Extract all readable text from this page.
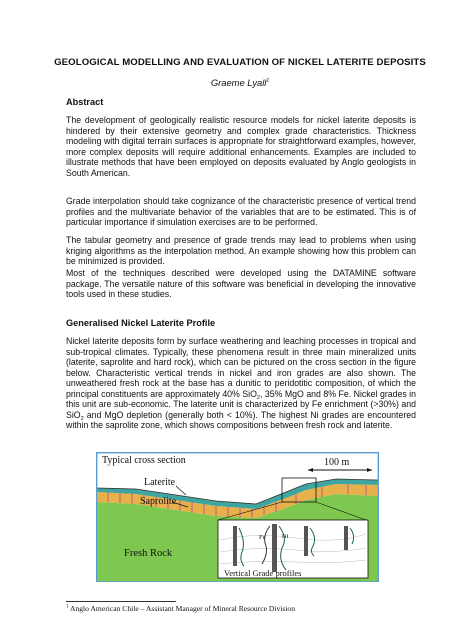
GEOLOGICAL MODELLING AND EVALUATION OF NICKEL LATERITE DEPOSITS
Graeme Lyall$^1$
Abstract
The development of geologically realistic resource models for nickel laterite deposits is hindered by their extensive geometry and complex grade characteristics. Thickness modeling with digital terrain surfaces is appropriate for straightforward examples, however, more complex deposits will require additional enhancements. Examples are included to illustrate methods that have been employed on deposits evaluated by Anglo geologists in South American.
Grade interpolation should take cognizance of the characteristic presence of vertical trend profiles and the multivariate behavior of the variables that are to be estimated. This is of particular importance if simulation exercises are to be performed.
The tabular geometry and presence of grade trends may lead to problems when using kriging algorithms as the interpolation method. An example showing how this problem can be minimized is provided.
Most of the techniques described were developed using the DATAMINE software package. The versatile nature of this software was beneficial in developing the innovative tools used in these studies.
Generalised Nickel Laterite Profile
Nickel laterite deposits form by surface weathering and leaching processes in tropical and sub-tropical climates. Typically, these phenomena result in three main mineralized units (laterite, saprolite and hard rock), which can be pictured on the cross section in the figure below. Characteristic vertical trends in nickel and iron grades are also shown. The unweathered fresh rock at the base has a dunitic to peridotitic composition, of which the principal constituents are approximately 40% SiO$_2$, 35% MgO and 8% Fe. Nickel grades in this unit are sub-economic. The laterite unit is characterized by Fe enrichment (>30%) and SiO$_2$ and MgO depletion (generally both < 10%). The highest Ni grades are encountered within the saprolite zone, which shows compositions between fresh rock and laterite.
Typical cross section	100 m
Laterite
Saprolite
Fresh Rock
Fe	Ni
Vertical Grade profiles
$^1$ Anglo American Chile – Assistant Manager of Mineral Resource Division
